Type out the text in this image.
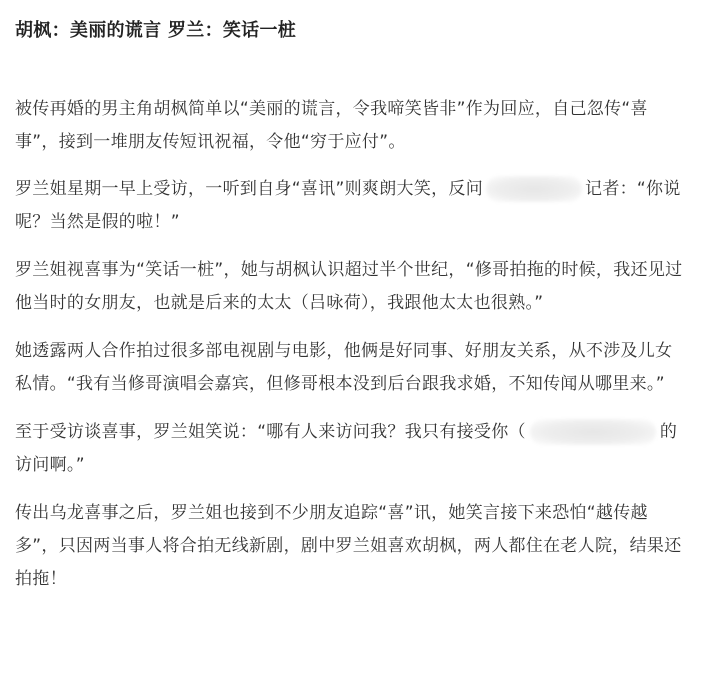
胡枫：美丽的谎言 罗兰：笑话一桩

被传再婚的男主角胡枫简单以“美丽的谎言，令我啼笑皆非”作为回应，自己忽传“喜事”，接到一堆朋友传短讯祝福，令他“穷于应付”。

罗兰姐星期一早上受访，一听到自身“喜讯”则爽朗大笑，反问	记者：“你说呢？当然是假的啦！”

罗兰姐视喜事为“笑话一桩”，她与胡枫认识超过半个世纪，“修哥拍拖的时候，我还见过他当时的女朋友，也就是后来的太太（吕咏荷），我跟他太太也很熟。”

她透露两人合作拍过很多部电视剧与电影，他俩是好同事、好朋友关系，从不涉及儿女私情。“我有当修哥演唱会嘉宾，但修哥根本没到后台跟我求婚，不知传闻从哪里来。”

至于受访谈喜事，罗兰姐笑说：“哪有人来访问我？我只有接受你（	的访问啊。”

传出乌龙喜事之后，罗兰姐也接到不少朋友追踪“喜”讯，她笑言接下来恐怕“越传越多”，只因两当事人将合拍无线新剧，剧中罗兰姐喜欢胡枫，两人都住在老人院，结果还拍拖！
